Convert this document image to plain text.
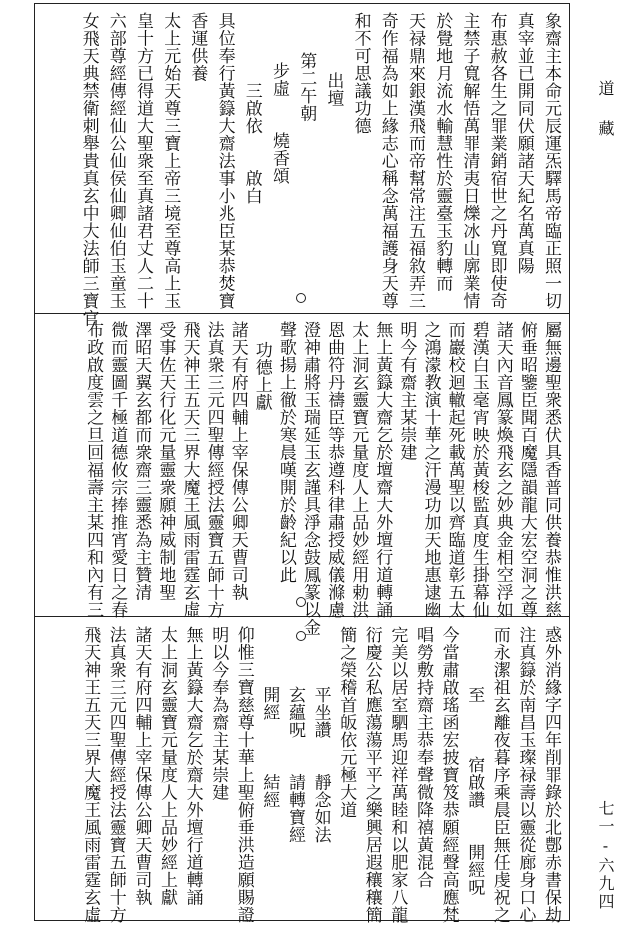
道　藏
七一‐六九四
象齋主本命元辰運炁驛馬帝臨正照一切
真宰並已開同伏願諸天紀名萬真陽
布惠赦各生之罪業銷宿世之丹寬即使奇
主禁子寬解悟萬罪清夷日爍冰山廓業情
於覺地月流水輸慧性於靈臺玉豹轉而
天禄鼎來銀漢飛而帝幫常注五福敘弄三
奇作福為如上緣志心稱念萬福護身天尊
和不可思議功德
出壇
第二午朝
步虛　　燒香頌
三啟依　　啟白
具位奉行黃籙大齋法事小兆臣某恭焚寶
香運供養
太上元始天尊三寶上帝三境至尊高上玉
皇十方已得道大聖衆至真諸君丈人二十
六部尊經傳經仙公仙侯仙卿仙伯玉童玉
女飛天典禁衛刺舉貴真玄中大法師三寶官
屬無邊聖衆悉伏具香普同供養恭惟洪慈
俯垂昭鑒臣聞百魔隱韻龍大宏空洞之尊
諸天內音鳳篆煥飛玄之妙典金相空浮如
碧漢白玉毫宵映於黃梭監真度生掛幕仙
而巖校迴轍起死載萬聖以齊臨道彰五太
之鴻濛教演十華之汗漫功加天地惠逮幽
明今有齋主某崇建
無上黃籙大齋乞於壇齋大外壇行道轉誦
太上洞玄靈寶元量度人上品妙經用勅洪
恩曲符丹禱臣等恭遵科律肅授威儀滌慮
澄神肅將玉瑞延玉玄謹具淨念鼓鳳篆以金
聲歌揚上徹於寒晨嘆開於齡紀以此
功德上獻
諸天有府四輔上宰保傳公卿天曹司執
法真衆三元四聖傳經授法靈寶五師十方
飛天神王五天三界大魔王風雨雷霆玄虛
受事佐天行化元量靈衆願神威制地聖
澤昭天翼玄都而衆齋三靈悉為主贊清
微而靈圖千極道德攸宗捧推宵愛日之春
布政啟度雲之旦回福壽主某四和內有三
惑外消緣字四年削罪錄於北鄷赤書保劫
注真籙於南昌玉璨禄壽以靈從廊身口心
而永潔祖玄離夜暮序乘晨臣無任虔祝之
至　　　宿啟讚　　開經呪
今當肅啟瑤函宏披寶笈恭願經聲高應梵
唱勞敷持齋主恭奉聲微降禧黃混合
完美以居室駟馬迎祥萬睦和以肥家八龍
衍慶公私應蕩蕩平平之樂興居遐穰穰簡
簡之榮稽首皈依元極大道
平坐讚　　靜念如法
玄蘊呪　　請轉寶經
開經　　　結經
仰惟三寶慈尊十華上聖俯垂洪造願賜證
明以今奉為齋主某崇建
無上黃籙大齋乞於齋大外壇行道轉誦
太上洞玄靈寶元量度人上品妙經上獻
諸天有府四輔上宰保傳公卿天曹司執
法真衆三元四聖傳經授法靈寶五師十方
飛天神王五天三界大魔王風雨雷霆玄虛
